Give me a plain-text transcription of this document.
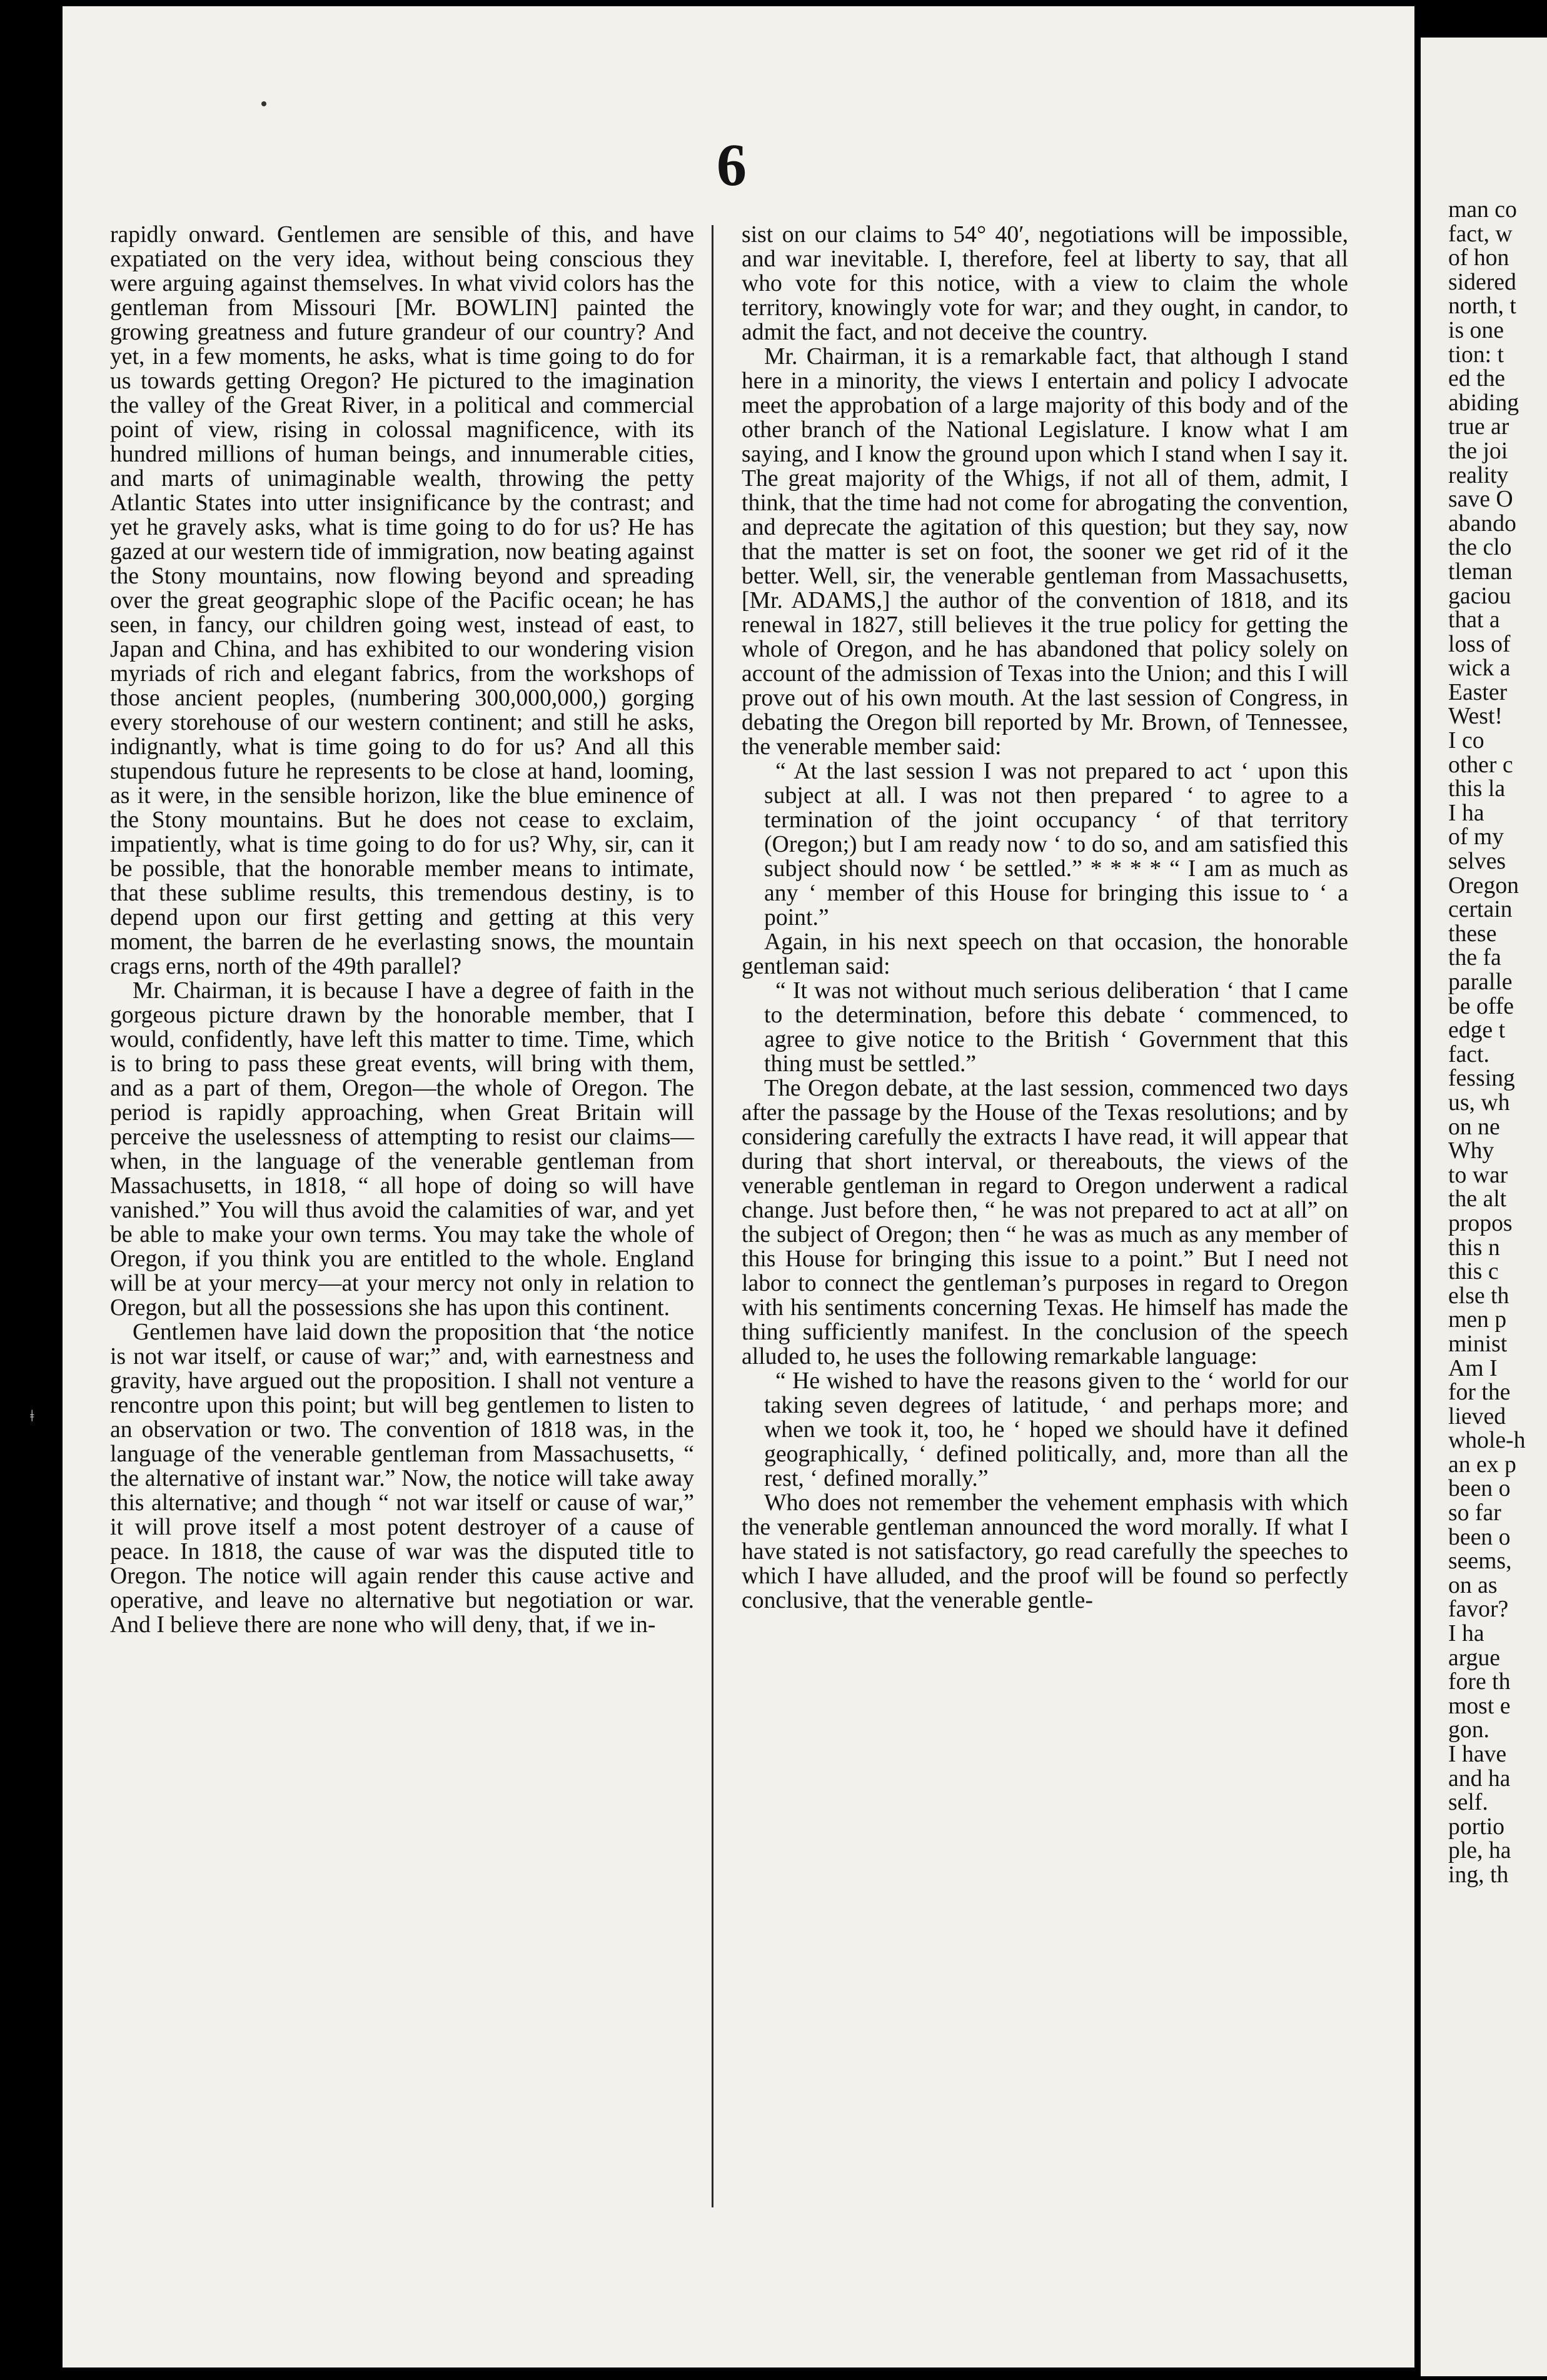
ǂ
6

rapidly onward. Gentlemen are sensible of this, and have expatiated on the very idea, without being conscious they were arguing against themselves. In what vivid colors has the gentleman from Missouri [Mr. BOWLIN] painted the growing greatness and future grandeur of our country? And yet, in a few moments, he asks, what is time going to do for us towards getting Oregon? He pictured to the imagination the valley of the Great River, in a political and commercial point of view, rising in colossal magnificence, with its hundred millions of human beings, and innumerable cities, and marts of unimaginable wealth, throwing the petty Atlantic States into utter insignificance by the contrast; and yet he gravely asks, what is time going to do for us? He has gazed at our western tide of immigration, now beating against the Stony mountains, now flowing beyond and spreading over the great geographic slope of the Pacific ocean; he has seen, in fancy, our children going west, instead of east, to Japan and China, and has exhibited to our wondering vision myriads of rich and elegant fabrics, from the workshops of those ancient peoples, (numbering 300,000,000,) gorging every storehouse of our western continent; and still he asks, indignantly, what is time going to do for us? And all this stupendous future he represents to be close at hand, looming, as it were, in the sensible horizon, like the blue eminence of the Stony mountains. But he does not cease to exclaim, impatiently, what is time going to do for us? Why, sir, can it be possible, that the honorable member means to intimate, that these sublime results, this tremendous destiny, is to depend upon our first getting and getting at this very moment, the barren de he everlasting snows, the mountain crags erns, north of the 49th parallel?

Mr. Chairman, it is because I have a degree of faith in the gorgeous picture drawn by the honorable member, that I would, confidently, have left this matter to time. Time, which is to bring to pass these great events, will bring with them, and as a part of them, Oregon—the whole of Oregon. The period is rapidly approaching, when Great Britain will perceive the uselessness of attempting to resist our claims—when, in the language of the venerable gentleman from Massachusetts, in 1818, “ all hope of doing so will have vanished.” You will thus avoid the calamities of war, and yet be able to make your own terms. You may take the whole of Oregon, if you think you are entitled to the whole. England will be at your mercy—at your mercy not only in relation to Oregon, but all the possessions she has upon this continent.

Gentlemen have laid down the proposition that ‘the notice is not war itself, or cause of war;” and, with earnestness and gravity, have argued out the proposition. I shall not venture a rencontre upon this point; but will beg gentlemen to listen to an observation or two. The convention of 1818 was, in the language of the venerable gentleman from Massachusetts, “ the alternative of instant war.” Now, the notice will take away this alternative; and though “ not war itself or cause of war,” it will prove itself a most potent destroyer of a cause of peace. In 1818, the cause of war was the disputed title to Oregon. The notice will again render this cause active and operative, and leave no alternative but negotiation or war. And I believe there are none who will deny, that, if we in-

sist on our claims to 54° 40′, negotiations will be impossible, and war inevitable. I, therefore, feel at liberty to say, that all who vote for this notice, with a view to claim the whole territory, knowingly vote for war; and they ought, in candor, to admit the fact, and not deceive the country.

Mr. Chairman, it is a remarkable fact, that although I stand here in a minority, the views I entertain and policy I advocate meet the approbation of a large majority of this body and of the other branch of the National Legislature. I know what I am saying, and I know the ground upon which I stand when I say it. The great majority of the Whigs, if not all of them, admit, I think, that the time had not come for abrogating the convention, and deprecate the agitation of this question; but they say, now that the matter is set on foot, the sooner we get rid of it the better. Well, sir, the venerable gentleman from Massachusetts, [Mr. ADAMS,] the author of the convention of 1818, and its renewal in 1827, still believes it the true policy for getting the whole of Oregon, and he has abandoned that policy solely on account of the admission of Texas into the Union; and this I will prove out of his own mouth. At the last session of Congress, in debating the Oregon bill reported by Mr. Brown, of Tennessee, the venerable member said:

“ At the last session I was not prepared to act ‘ upon this subject at all. I was not then prepared ‘ to agree to a termination of the joint occupancy ‘ of that territory (Oregon;) but I am ready now ‘ to do so, and am satisfied this subject should now ‘ be settled.” * * * * “ I am as much as any ‘ member of this House for bringing this issue to ‘ a point.”

Again, in his next speech on that occasion, the honorable gentleman said:

“ It was not without much serious deliberation ‘ that I came to the determination, before this debate ‘ commenced, to agree to give notice to the British ‘ Government that this thing must be settled.”

The Oregon debate, at the last session, commenced two days after the passage by the House of the Texas resolutions; and by considering carefully the extracts I have read, it will appear that during that short interval, or thereabouts, the views of the venerable gentleman in regard to Oregon underwent a radical change. Just before then, “ he was not prepared to act at all” on the subject of Oregon; then “ he was as much as any member of this House for bringing this issue to a point.” But I need not labor to connect the gentleman’s purposes in regard to Oregon with his sentiments concerning Texas. He himself has made the thing sufficiently manifest. In the conclusion of the speech alluded to, he uses the following remarkable language:

“ He wished to have the reasons given to the ‘ world for our taking seven degrees of latitude, ‘ and perhaps more; and when we took it, too, he ‘ hoped we should have it defined geographically, ‘ defined politically, and, more than all the rest, ‘ defined morally.”

Who does not remember the vehement emphasis with which the venerable gentleman announced the word morally. If what I have stated is not satisfactory, go read carefully the speeches to which I have alluded, and the proof will be found so perfectly conclusive, that the venerable gentle-

man co
fact, w
of hon
sidered
north, t
is one
tion: t
ed the
abiding
true ar
the joi
reality
save O
abando
the clo
tleman
gaciou
that a
loss of
wick a
Easter
West!
I co
other c
this la
I ha
of my
selves
Oregon
certain
these
the fa
paralle
be offe
edge t
fact.
fessing
us, wh
on ne
Why
to war
the alt
propos
this n
this c
else th
men p
minist
Am I
for the
lieved
whole-h
an ex p
been o
so far
been o
seems,
on as
favor?
I ha
argue
fore th
most e
gon.
I have
and ha
self.
portio
ple, ha
ing, th
